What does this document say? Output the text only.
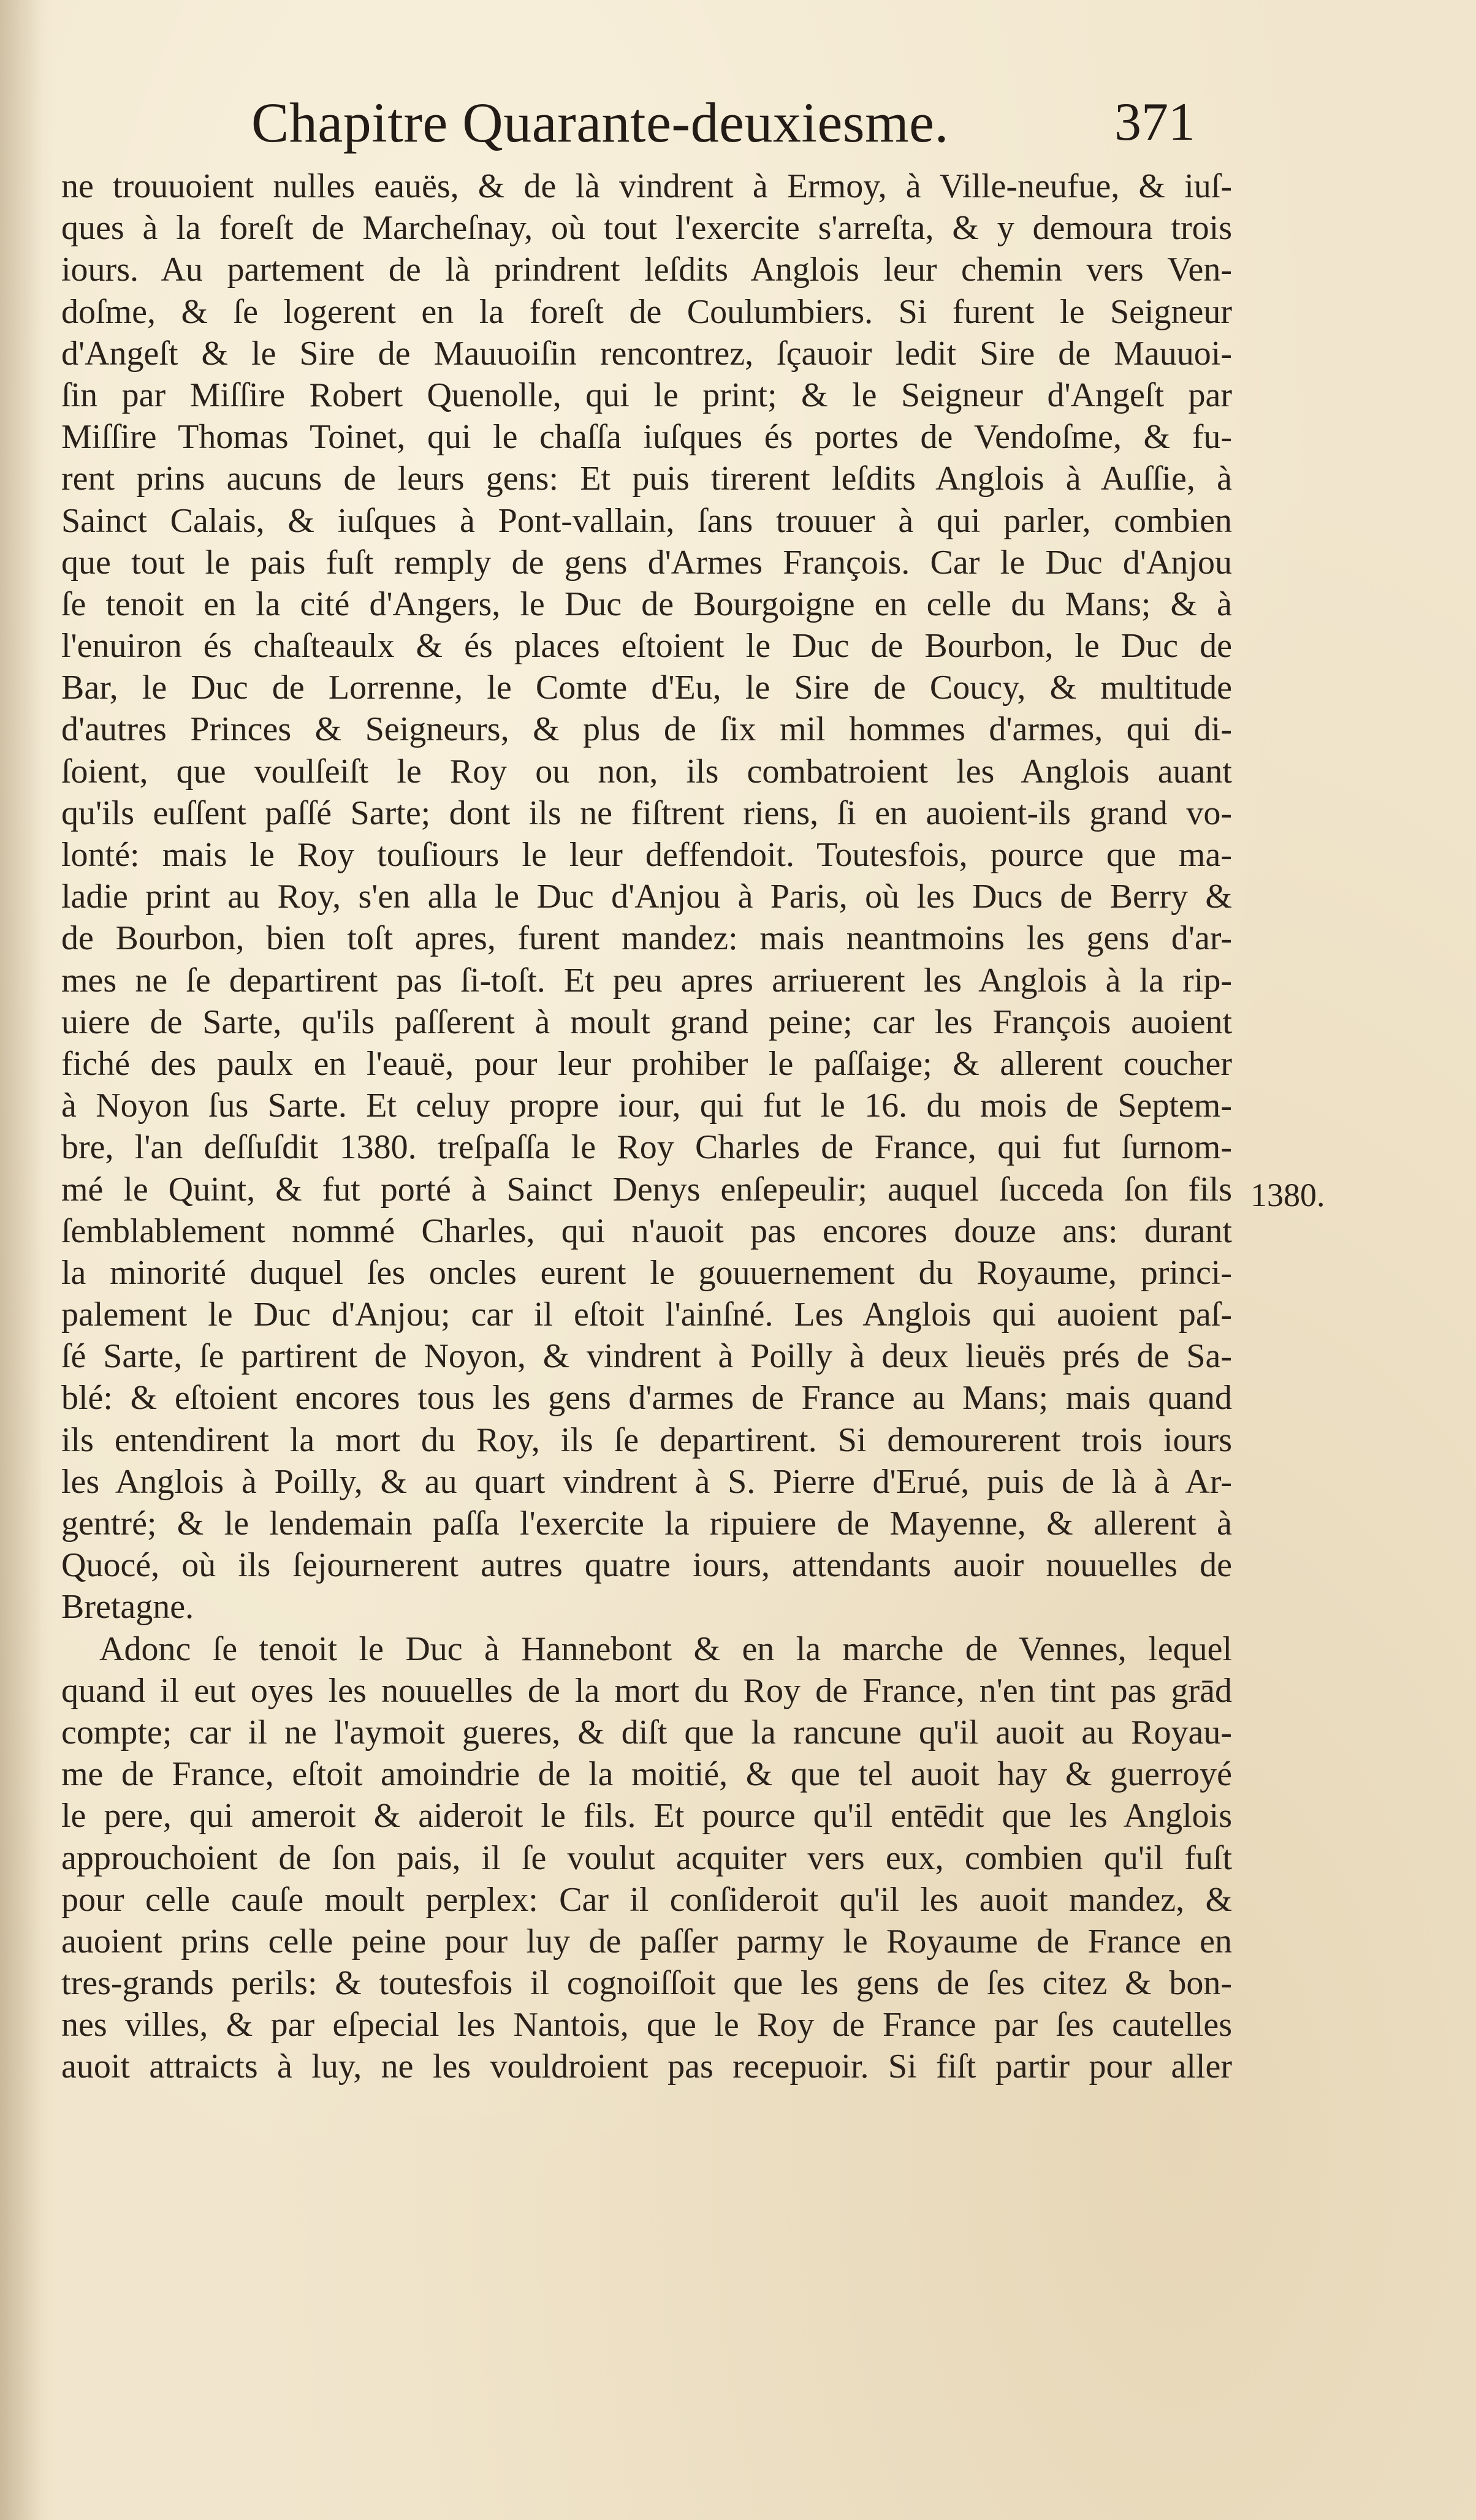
Chapitre Quarante-deuxiesme.	371
ne trouuoient nulles eauës, & de là vindrent à Ermoy, à Ville-neufue, & iuſ-
ques à la foreſt de Marcheſnay, où tout l'exercite s'arreſta, & y demoura trois
iours. Au partement de là prindrent leſdits Anglois leur chemin vers Ven-
doſme, & ſe logerent en la foreſt de Coulumbiers. Si furent le Seigneur
d'Angeſt & le Sire de Mauuoiſin rencontrez, ſçauoir ledit Sire de Mauuoi-
ſin par Miſſire Robert Quenolle, qui le print; & le Seigneur d'Angeſt par
Miſſire Thomas Toinet, qui le chaſſa iuſques és portes de Vendoſme, & fu-
rent prins aucuns de leurs gens: Et puis tirerent leſdits Anglois à Auſſie, à
Sainct Calais, & iuſques à Pont-vallain, ſans trouuer à qui parler, combien
que tout le pais fuſt remply de gens d'Armes François. Car le Duc d'Anjou
ſe tenoit en la cité d'Angers, le Duc de Bourgoigne en celle du Mans; & à
l'enuiron és chaſteaulx & és places eſtoient le Duc de Bourbon, le Duc de
Bar, le Duc de Lorrenne, le Comte d'Eu, le Sire de Coucy, & multitude
d'autres Princes & Seigneurs, & plus de ſix mil hommes d'armes, qui di-
ſoient, que voulſeiſt le Roy ou non, ils combatroient les Anglois auant
qu'ils euſſent paſſé Sarte; dont ils ne fiſtrent riens, ſi en auoient-ils grand vo-
lonté: mais le Roy touſiours le leur deffendoit. Toutesfois, pource que ma-
ladie print au Roy, s'en alla le Duc d'Anjou à Paris, où les Ducs de Berry &
de Bourbon, bien toſt apres, furent mandez: mais neantmoins les gens d'ar-
mes ne ſe departirent pas ſi-toſt. Et peu apres arriuerent les Anglois à la rip-
uiere de Sarte, qu'ils paſſerent à moult grand peine; car les François auoient
fiché des paulx en l'eauë, pour leur prohiber le paſſaige; & allerent coucher
à Noyon ſus Sarte. Et celuy propre iour, qui fut le 16. du mois de Septem-
bre, l'an deſſuſdit 1380. treſpaſſa le Roy Charles de France, qui fut ſurnom-
mé le Quint, & fut porté à Sainct Denys enſepeulir; auquel ſucceda ſon fils
ſemblablement nommé Charles, qui n'auoit pas encores douze ans: durant
la minorité duquel ſes oncles eurent le gouuernement du Royaume, princi-
palement le Duc d'Anjou; car il eſtoit l'ainſné. Les Anglois qui auoient paſ-
ſé Sarte, ſe partirent de Noyon, & vindrent à Poilly à deux lieuës prés de Sa-
blé: & eſtoient encores tous les gens d'armes de France au Mans; mais quand
ils entendirent la mort du Roy, ils ſe departirent. Si demourerent trois iours
les Anglois à Poilly, & au quart vindrent à S. Pierre d'Erué, puis de là à Ar-
gentré; & le lendemain paſſa l'exercite la ripuiere de Mayenne, & allerent à
Quocé, où ils ſejournerent autres quatre iours, attendants auoir nouuelles de
Bretagne.
Adonc ſe tenoit le Duc à Hannebont & en la marche de Vennes, lequel
quand il eut oyes les nouuelles de la mort du Roy de France, n'en tint pas grād
compte; car il ne l'aymoit gueres, & diſt que la rancune qu'il auoit au Royau-
me de France, eſtoit amoindrie de la moitié, & que tel auoit hay & guerroyé
le pere, qui ameroit & aideroit le fils. Et pource qu'il entēdit que les Anglois
approuchoient de ſon pais, il ſe voulut acquiter vers eux, combien qu'il fuſt
pour celle cauſe moult perplex: Car il conſideroit qu'il les auoit mandez, &
auoient prins celle peine pour luy de paſſer parmy le Royaume de France en
tres-grands perils: & toutesfois il cognoiſſoit que les gens de ſes citez & bon-
nes villes, & par eſpecial les Nantois, que le Roy de France par ſes cautelles
auoit attraicts à luy, ne les vouldroient pas recepuoir. Si fiſt partir pour aller
1380.
